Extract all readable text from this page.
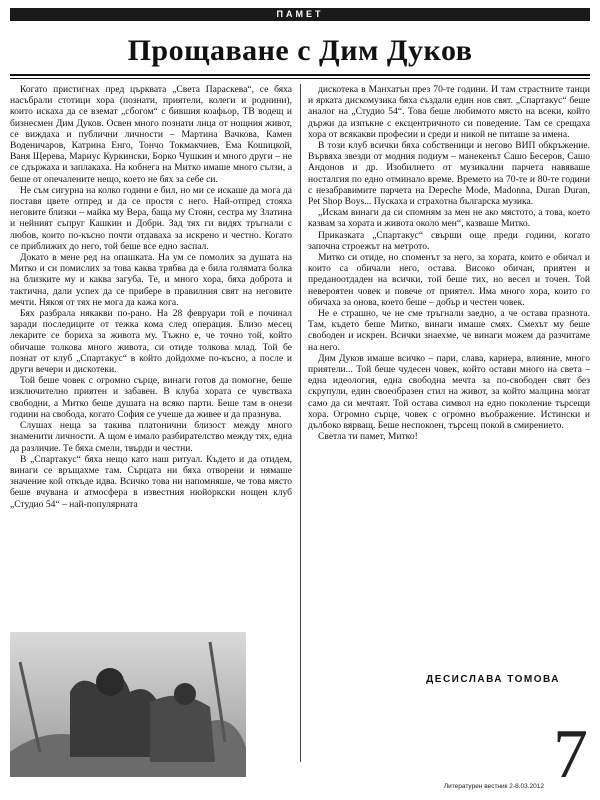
ПАМЕТ
Прощаване с Дим Дуков

Когато пристигнах пред църквата „Света Параскева“, се бяха насъбрали стотици хора (познати, приятели, колеги и роднини), които искаха да се вземат „сбогом“ с бившия коафьор, ТВ водещ и бизнесмен Дим Дуков. Освен много познати лица от нощния живот, се виждаха и публични личности – Мартина Вачкова, Камен Воденичаров, Катрина Енго, Тончо Токмакчиев, Ема Кошицкой, Ваня Щерева, Мариус Куркински, Борко Чушкин и много други – не се сдържаха и заплакаха. На кобнега на Митко имаше много сълзи, а беше от опечалените нещо, което не бях за себе си.

Не съм сигурна на колко години е бил, но ми се искаше да мога да поставя цвете отпред и да се простя с него. Най-отпред стояха неговите близки – майка му Вера, баща му Стоян, сестра му Златина и нейният съпруг Кашкин и Добри. Зад тях ги видях тръгнали с любов, които по-късно почти отдаваха за искрено и честно. Когато се приближих до него, той беше все едно заспал.

Докато в мене ред на опашката. На ум се помолих за душата на Митко и си помислих за това каква трябва да е била голямата болка на близките му и каква загуба. Те, и много хора, бяха доброта и тактична, дали успех да се прибере в правилния свят на неговите мечти. Някоя от тях не мога да кажа кога.

Бях разбрала някакви по-рано. На 28 февруари той е починал заради последиците от тежка кома след операция. Близо месец лекарите се бориха за живота му. Тъжно е, че точно той, който обичаше толкова много живота, си отиде толкова млад. Той бе познат от клуб „Спартакус“ в който дойдохме по-късно, а после и други вечери и дискотеки.

Той беше човек с огромно сърце, винаги готов да помогне, беше изключително приятен и забавен. В клуба хората се чувстваха свободни, а Митко беше душата на всяко парти. Беше там в онези години на свобода, когато София се учеше да живее и да празнува.

Слушах неща за такива платонични близост между много знаменити личности. А щом е имало разбирателство между тях, една да различие. Те бяха смели, твърди и честни.

В „Спартакус“ бяха нещо като наш ритуал. Където и да отидем, винаги се връщахме там. Сърцата ни бяха отворени и нямаше значение кой откъде идва. Всичко това ни напомняше, че това място беше вчувана и атмосфера в известния нюйоркски нощен клуб „Студио 54“ – най-популярната

дискотека в Манхатън през 70-те години. И там страстните танци и ярката дискомузика бяха създали един нов свят. „Спартакус“ беше аналог на „Студио 54“. Това беше любимото място на всеки, който държи да изпъкне с ексцентричното си поведение. Там се срещаха хора от всякакви професии и среди и никой не питаше за имена.

В този клуб всички бяха собственици и негово ВИП обкръжение. Вървяха звезди от модния подиум – манекенът Сашо Бесеров, Сашо Андонов и др. Изобилието от музикални парчета навяваше носталгия по едно отминало време. Времето на 70-те и 80-те години с незабравимите парчета на Depeche Mode, Madonna, Duran Duran, Pet Shop Boys... Пускаха и страхотна българска музика.

„Искам винаги да си спомням за мен не ако мястото, а това, което казвам за хората и живота около мен“, казваше Митко.

Приказката „Спартакус“ свърши още преди години, когато започна строежът на метрото.

Митко си отиде, но споменът за него, за хората, които е обичал и които са обичали него, остава. Високо обичан, приятен и преданоотдаден на всички, той беше тих, но весел и точен. Той невероятен човек и повече от приятел. Има много хора, които го обичаха за онова, което беше – добър и честен човек.

Не е страшно, че не сме тръгнали заедно, а че остава празнота. Там, където беше Митко, винаги имаше смях. Смехът му беше свободен и искрен. Всички знаехме, че винаги можем да разчитаме на него.

Дим Дуков имаше всичко – пари, слава, кариера, влияние, много приятели... Той беше чудесен човек, който остави много на света – една идеология, една свободна мечта за по-свободен свят без скрупули, един своеобразен стил на живот, за който малцина могат само да си мечтаят. Той остава символ на едно поколение търсещи хора. Огромно сърце, човек с огромно въображение. Истински и дълбоко вярващ. Беше неспокоен, търсещ покой в смирението.

Светла ти памет, Митко!

ДЕСИСЛАВА ТОМОВА
7
Литературен вестник 2-8.03.2012
